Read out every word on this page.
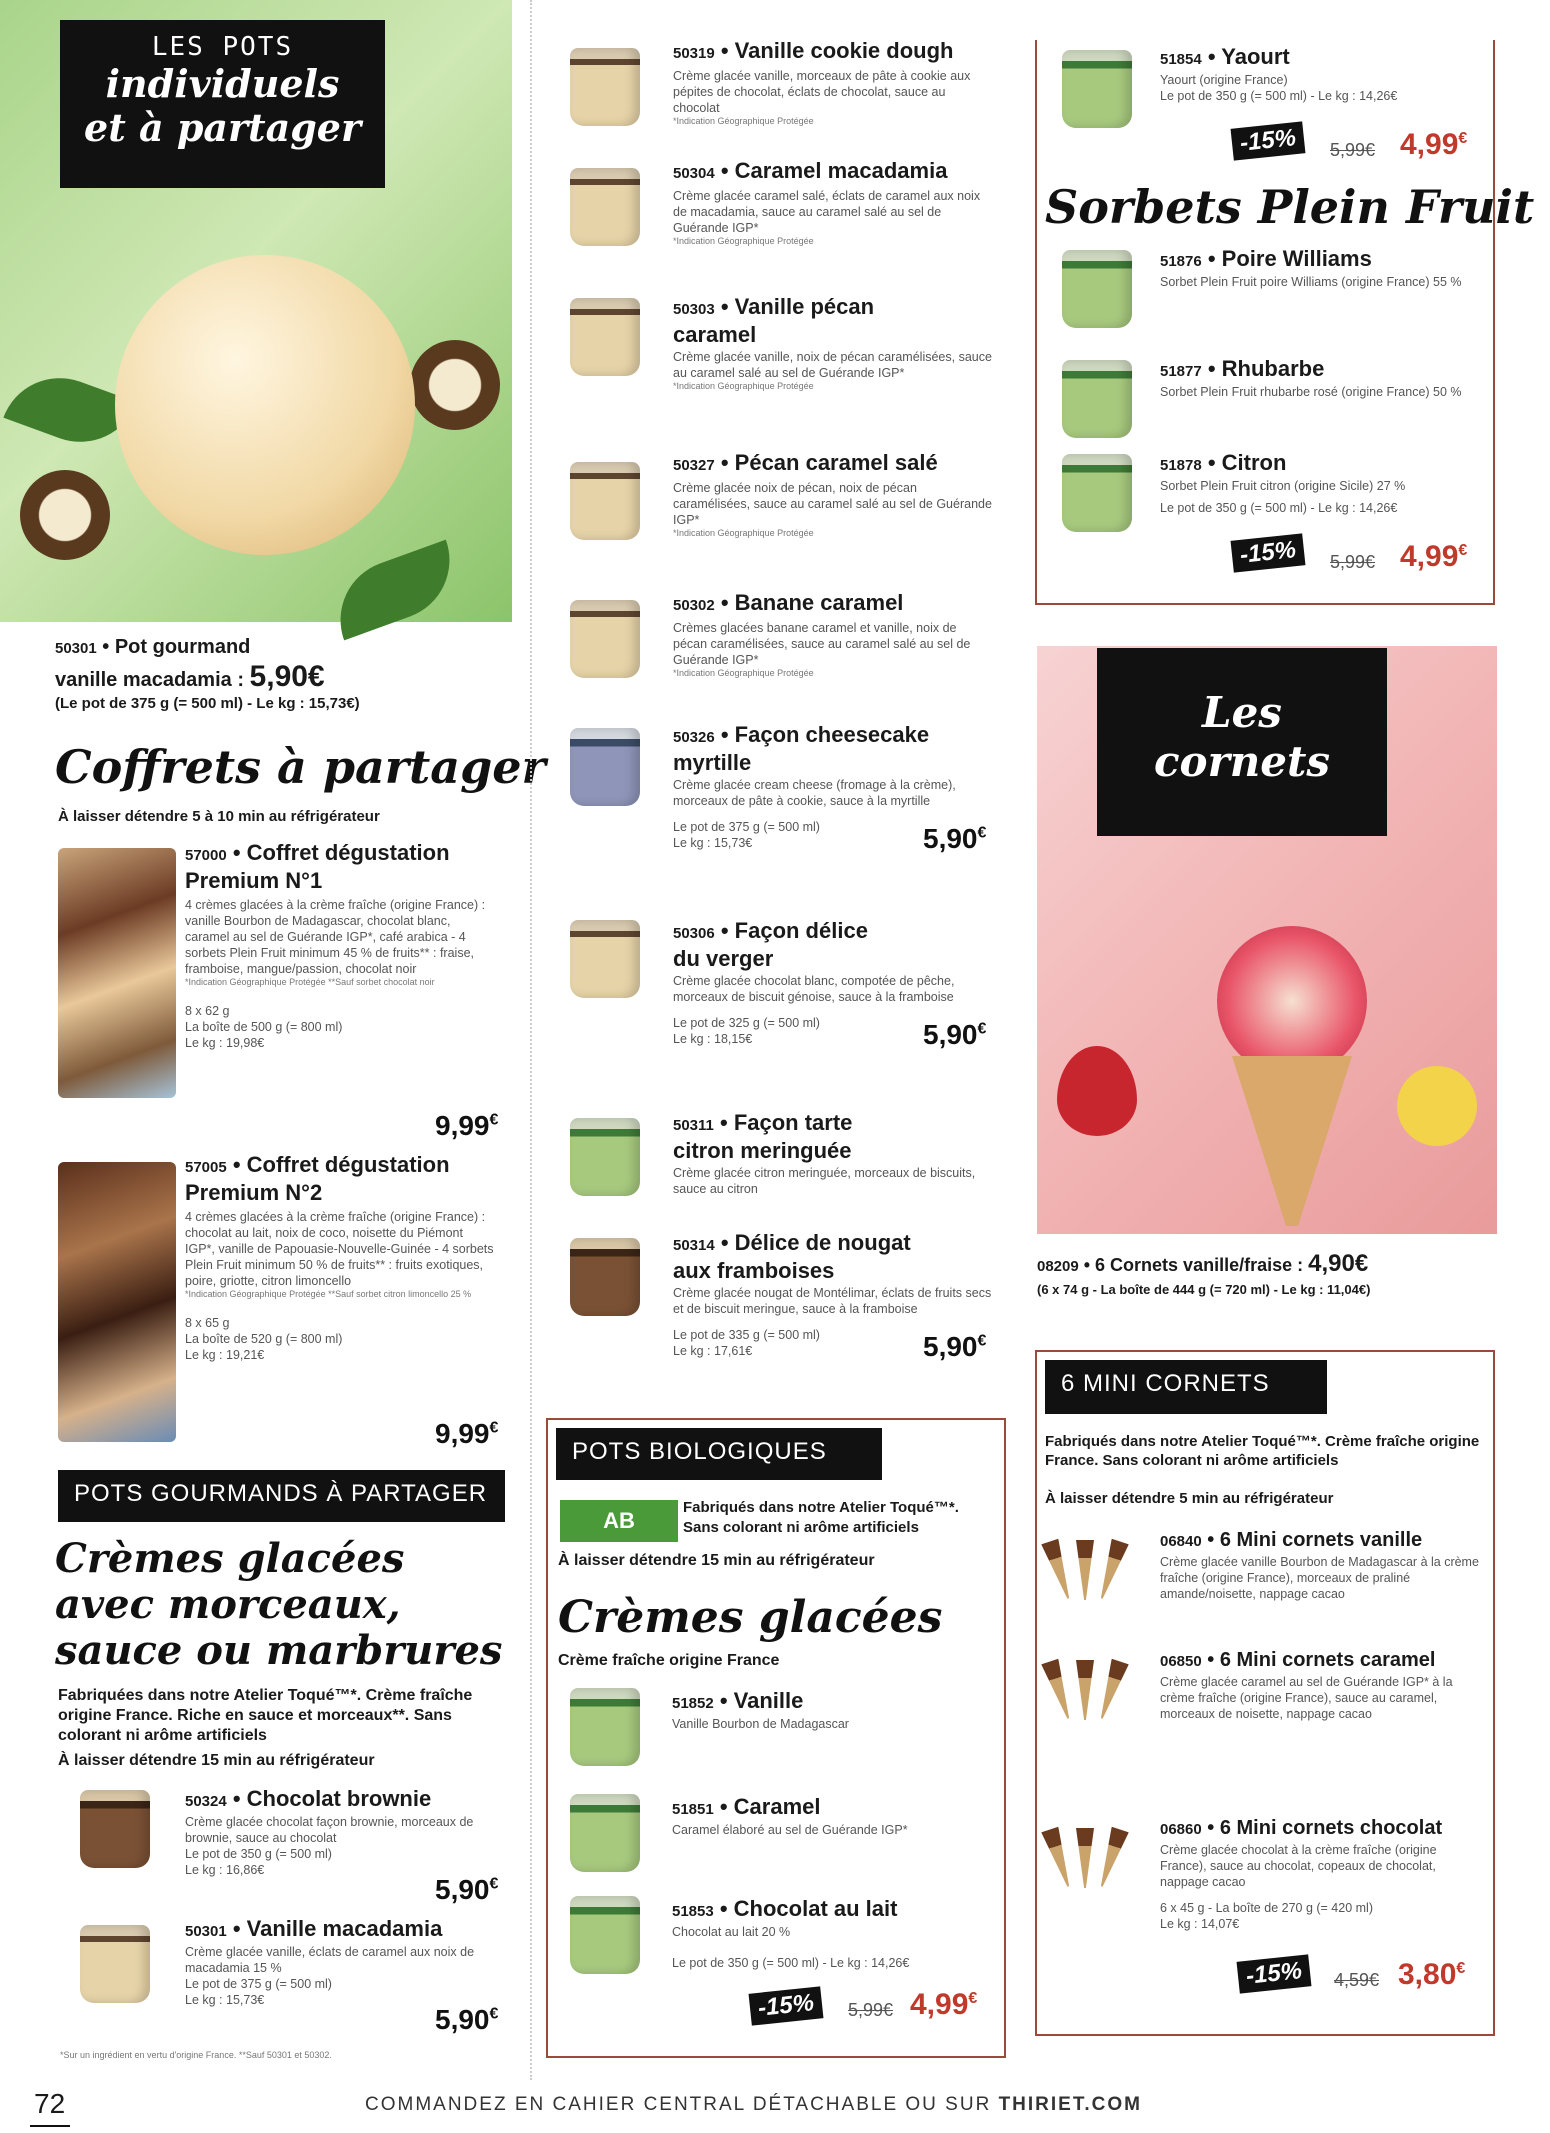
LES POTS
individuels
et à partager
50301 • Pot gourmand
vanille macadamia : 5,90€
(Le pot de 375 g (= 500 ml) - Le kg : 15,73€)
Coffrets à partager
À laisser détendre 5 à 10 min au réfrigérateur
57000 • Coffret dégustation
Premium N°1
4 crèmes glacées à la crème fraîche (origine France) : vanille Bourbon de Madagascar, chocolat blanc, caramel au sel de Guérande IGP*, café arabica - 4 sorbets Plein Fruit minimum 45 % de fruits** : fraise, framboise, mangue/passion, chocolat noir
*Indication Géographique Protégée **Sauf sorbet chocolat noir
8 x 62 g
La boîte de 500 g (= 800 ml)
Le kg : 19,98€
9,99€
57005 • Coffret dégustation
Premium N°2
4 crèmes glacées à la crème fraîche (origine France) : chocolat au lait, noix de coco, noisette du Piémont IGP*, vanille de Papouasie-Nouvelle-Guinée - 4 sorbets Plein Fruit minimum 50 % de fruits** : fruits exotiques, poire, griotte, citron limoncello
*Indication Géographique Protégée **Sauf sorbet citron limoncello 25 %
8 x 65 g
La boîte de 520 g (= 800 ml)
Le kg : 19,21€
9,99€
POTS GOURMANDS À PARTAGER
Crèmes glacées avec morceaux, sauce ou marbrures
Fabriquées dans notre Atelier Toqué™*. Crème fraîche origine France. Riche en sauce et morceaux**. Sans colorant ni arôme artificiels
À laisser détendre 15 min au réfrigérateur
50324 • Chocolat brownie
Crème glacée chocolat façon brownie, morceaux de brownie, sauce au chocolat
Le pot de 350 g (= 500 ml)
Le kg : 16,86€
5,90€
50301 • Vanille macadamia
Crème glacée vanille, éclats de caramel aux noix de macadamia 15 %
Le pot de 375 g (= 500 ml)
Le kg : 15,73€
5,90€
*Sur un ingrédient en vertu d'origine France. **Sauf 50301 et 50302.
50319 • Vanille cookie dough
Crème glacée vanille, morceaux de pâte à cookie aux pépites de chocolat, éclats de chocolat, sauce au chocolat
*Indication Géographique Protégée
50304 • Caramel macadamia
Crème glacée caramel salé, éclats de caramel aux noix de macadamia, sauce au caramel salé au sel de Guérande IGP*
*Indication Géographique Protégée
50303 • Vanille pécan
caramel
Crème glacée vanille, noix de pécan caramélisées, sauce au caramel salé au sel de Guérande IGP*
*Indication Géographique Protégée
50327 • Pécan caramel salé
Crème glacée noix de pécan, noix de pécan caramélisées, sauce au caramel salé au sel de Guérande IGP*
*Indication Géographique Protégée
50302 • Banane caramel
Crèmes glacées banane caramel et vanille, noix de pécan caramélisées, sauce au caramel salé au sel de Guérande IGP*
*Indication Géographique Protégée
50326 • Façon cheesecake
myrtille
Crème glacée cream cheese (fromage à la crème), morceaux de pâte à cookie, sauce à la myrtille
Le pot de 375 g (= 500 ml)
Le kg : 15,73€	5,90€
50306 • Façon délice
du verger
Crème glacée chocolat blanc, compotée de pêche, morceaux de biscuit génoise, sauce à la framboise
Le pot de 325 g (= 500 ml)
Le kg : 18,15€	5,90€
50311 • Façon tarte
citron meringuée
Crème glacée citron meringuée, morceaux de biscuits, sauce au citron
50314 • Délice de nougat
aux framboises
Crème glacée nougat de Montélimar, éclats de fruits secs et de biscuit meringue, sauce à la framboise
Le pot de 335 g (= 500 ml)
Le kg : 17,61€	5,90€
POTS BIOLOGIQUES
AB
Fabriqués dans notre Atelier Toqué™*.
Sans colorant ni arôme artificiels
À laisser détendre 15 min au réfrigérateur
Crèmes glacées
Crème fraîche origine France
51852 • Vanille
Vanille Bourbon de Madagascar
51851 • Caramel
Caramel élaboré au sel de Guérande IGP*
51853 • Chocolat au lait
Chocolat au lait 20 %
Le pot de 350 g (= 500 ml) - Le kg : 14,26€
-15%	5,99€ 4,99€
51854 • Yaourt
Yaourt (origine France)
Le pot de 350 g (= 500 ml) - Le kg : 14,26€
-15%	5,99€ 4,99€
Sorbets Plein Fruit
51876 • Poire Williams
Sorbet Plein Fruit poire Williams (origine France) 55 %
51877 • Rhubarbe
Sorbet Plein Fruit rhubarbe rosé (origine France) 50 %
51878 • Citron
Sorbet Plein Fruit citron (origine Sicile) 27 %
Le pot de 350 g (= 500 ml) - Le kg : 14,26€
-15%	5,99€ 4,99€
Les
cornets
08209 • 6 Cornets vanille/fraise : 4,90€
(6 x 74 g - La boîte de 444 g (= 720 ml) - Le kg : 11,04€)
6 MINI CORNETS
Fabriqués dans notre Atelier Toqué™*. Crème fraîche origine France. Sans colorant ni arôme artificiels
À laisser détendre 5 min au réfrigérateur
06840 • 6 Mini cornets vanille
Crème glacée vanille Bourbon de Madagascar à la crème fraîche (origine France), morceaux de praliné amande/noisette, nappage cacao
06850 • 6 Mini cornets caramel
Crème glacée caramel au sel de Guérande IGP* à la crème fraîche (origine France), sauce au caramel, morceaux de noisette, nappage cacao
06860 • 6 Mini cornets chocolat
Crème glacée chocolat à la crème fraîche (origine France), sauce au chocolat, copeaux de chocolat, nappage cacao
6 x 45 g - La boîte de 270 g (= 420 ml)
Le kg : 14,07€
-15%	4,59€ 3,80€
72	COMMANDEZ EN CAHIER CENTRAL DÉTACHABLE OU SUR THIRIET.COM
